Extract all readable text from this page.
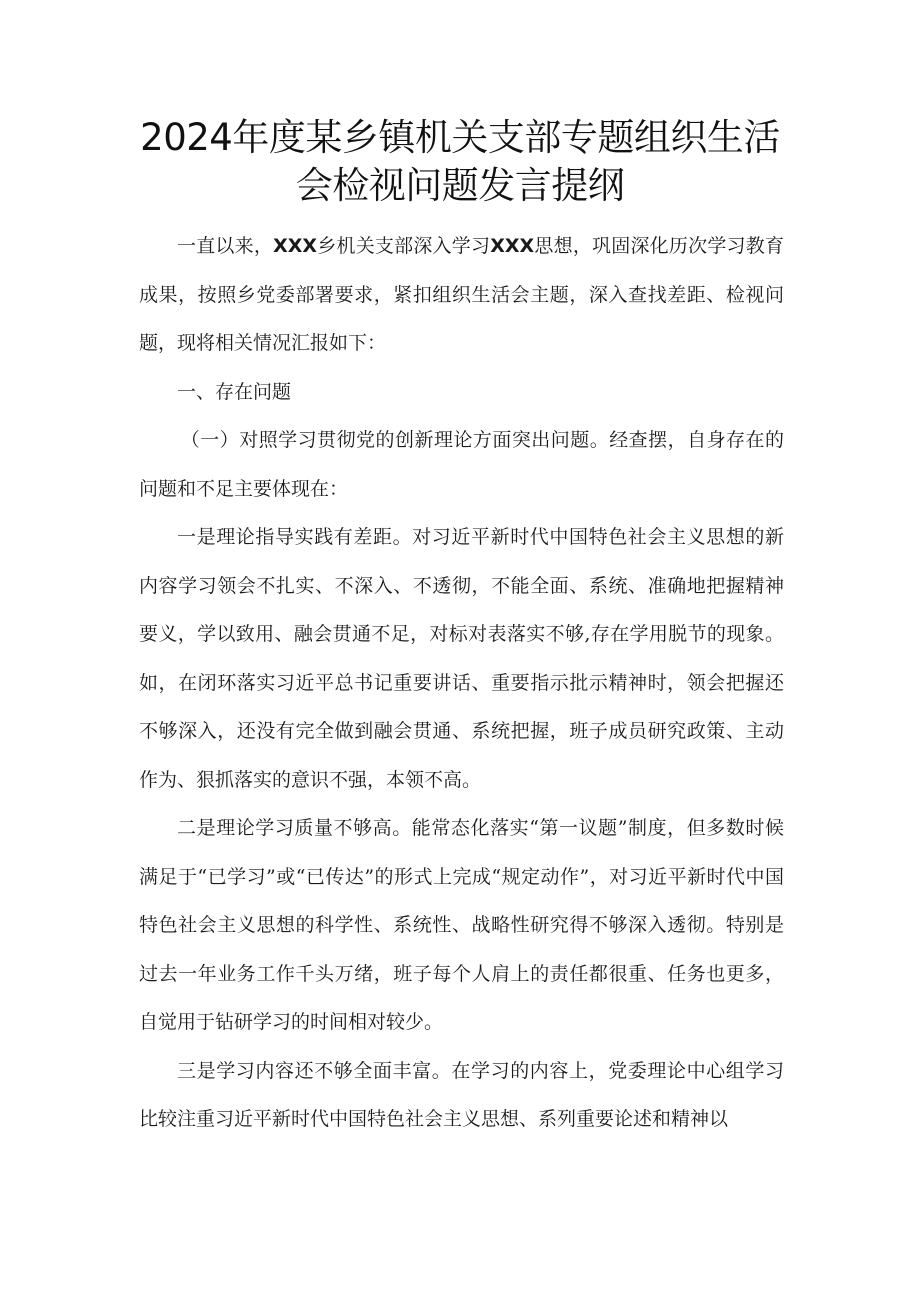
2024年度某乡镇机关支部专题组织生活
会检视问题发言提纲

一直以来，XXX乡机关支部深入学习XXX思想，巩固深化历次学习教育成果，按照乡党委部署要求，紧扣组织生活会主题，深入查找差距、检视问题，现将相关情况汇报如下：

一、存在问题

（一）对照学习贯彻党的创新理论方面突出问题。经查摆，自身存在的问题和不足主要体现在：

一是理论指导实践有差距。对习近平新时代中国特色社会主义思想的新内容学习领会不扎实、不深入、不透彻，不能全面、系统、准确地把握精神要义，学以致用、融会贯通不足，对标对表落实不够,存在学用脱节的现象。如，在闭环落实习近平总书记重要讲话、重要指示批示精神时，领会把握还不够深入，还没有完全做到融会贯通、系统把握，班子成员研究政策、主动作为、狠抓落实的意识不强，本领不高。

二是理论学习质量不够高。能常态化落实“第一议题”制度，但多数时候满足于“已学习”或“已传达”的形式上完成“规定动作”，对习近平新时代中国特色社会主义思想的科学性、系统性、战略性研究得不够深入透彻。特别是过去一年业务工作千头万绪，班子每个人肩上的责任都很重、任务也更多，自觉用于钻研学习的时间相对较少。

三是学习内容还不够全面丰富。在学习的内容上，党委理论中心组学习比较注重习近平新时代中国特色社会主义思想、系列重要论述和精神以
